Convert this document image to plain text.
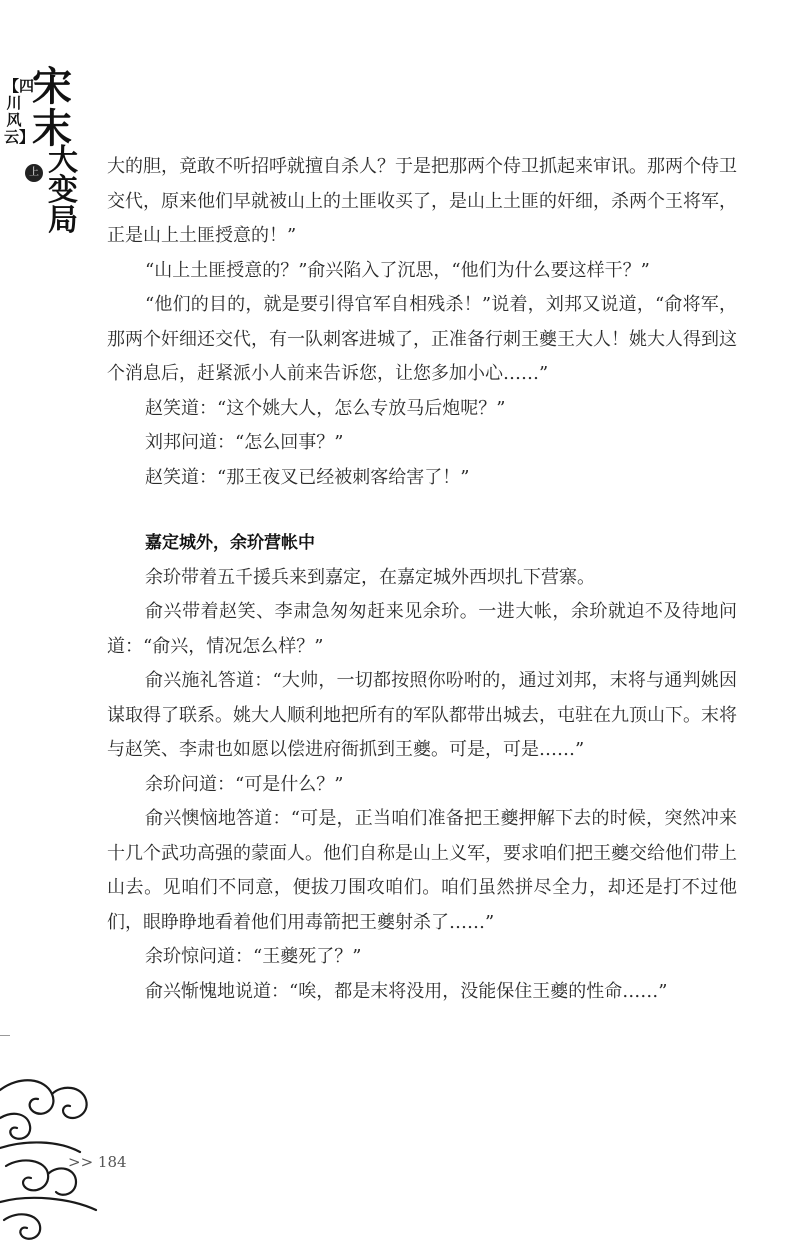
【四川风云】
宋末
大变局
上册

大的胆，竟敢不听招呼就擅自杀人？于是把那两个侍卫抓起来审讯。那两个侍卫交代，原来他们早就被山上的土匪收买了，是山上土匪的奸细，杀两个王将军，正是山上土匪授意的！”

“山上土匪授意的？”俞兴陷入了沉思，“他们为什么要这样干？”

“他们的目的，就是要引得官军自相残杀！”说着，刘邦又说道，“俞将军，那两个奸细还交代，有一队刺客进城了，正准备行刺王夔王大人！姚大人得到这个消息后，赶紧派小人前来告诉您，让您多加小心……”

赵笑道：“这个姚大人，怎么专放马后炮呢？”

刘邦问道：“怎么回事？”

赵笑道：“那王夜叉已经被刺客给害了！”

嘉定城外，余玠营帐中

余玠带着五千援兵来到嘉定，在嘉定城外西坝扎下营寨。

俞兴带着赵笑、李肃急匆匆赶来见余玠。一进大帐，余玠就迫不及待地问道：“俞兴，情况怎么样？”

俞兴施礼答道：“大帅，一切都按照你吩咐的，通过刘邦，末将与通判姚因谋取得了联系。姚大人顺利地把所有的军队都带出城去，屯驻在九顶山下。末将与赵笑、李肃也如愿以偿进府衙抓到王夔。可是，可是……”

余玠问道：“可是什么？”

俞兴懊恼地答道：“可是，正当咱们准备把王夔押解下去的时候，突然冲来十几个武功高强的蒙面人。他们自称是山上义军，要求咱们把王夔交给他们带上山去。见咱们不同意，便拔刀围攻咱们。咱们虽然拼尽全力，却还是打不过他们，眼睁睁地看着他们用毒箭把王夔射杀了……”

余玠惊问道：“王夔死了？”

俞兴惭愧地说道：“唉，都是末将没用，没能保住王夔的性命……”

>> 184
